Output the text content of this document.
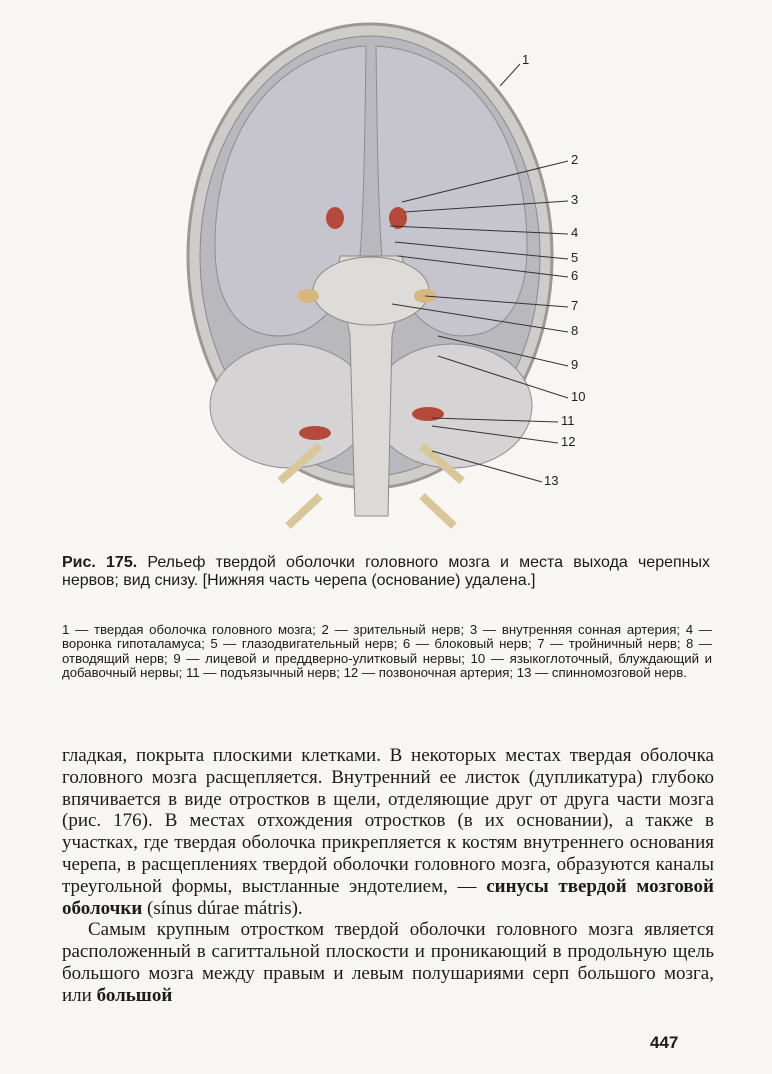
1
2
3
4
5
6
7
8
9
10
11
12
13
Рис. 175. Рельеф твердой оболочки головного мозга и места выхода черепных нервов; вид снизу. [Нижняя часть черепа (основание) удалена.]
1 — твердая оболочка головного мозга; 2 — зрительный нерв; 3 — внутренняя сонная артерия; 4 — воронка гипоталамуса; 5 — глазодвигательный нерв; 6 — блоковый нерв; 7 — тройничный нерв; 8 — отводящий нерв; 9 — лицевой и преддверно-улитковый нервы; 10 — языкоглоточный, блуждающий и добавочный нервы; 11 — подъязычный нерв; 12 — позвоночная артерия; 13 — спинномозговой нерв.

гладкая, покрыта плоскими клетками. В некоторых местах твердая оболочка головного мозга расщепляется. Внутренний ее листок (дупликатура) глубоко впячивается в виде отростков в щели, отделяющие друг от друга части мозга (рис. 176). В местах отхождения отростков (в их основании), а также в участках, где твердая оболочка прикрепляется к костям внутреннего основания черепа, в расщеплениях твердой оболочки головного мозга, образуются каналы треугольной формы, выстланные эндотелием, — синусы твердой мозговой оболочки (sínus dúrae mátris).

Самым крупным отростком твердой оболочки головного мозга является расположенный в сагиттальной плоскости и проникающий в продольную щель большого мозга между правым и левым полушариями серп большого мозга, или большой

447
